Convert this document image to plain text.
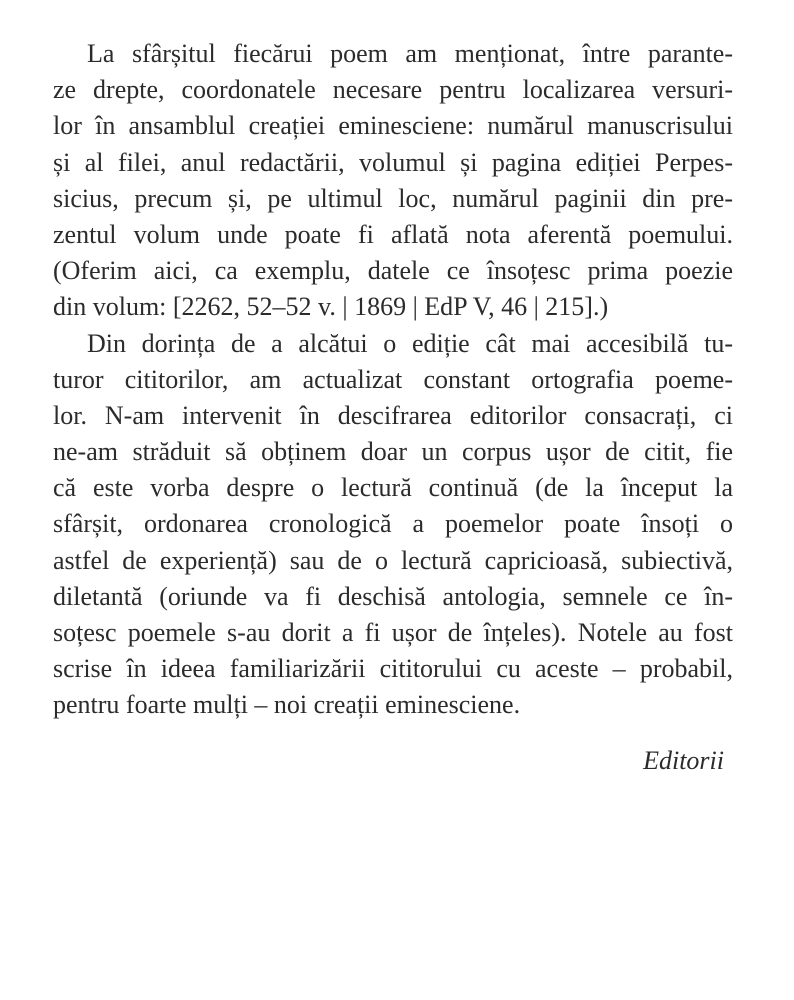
La sfârșitul fiecărui poem am menționat, între parante-
ze drepte, coordonatele necesare pentru localizarea versuri-
lor în ansamblul creației eminesciene: numărul manuscrisului
și al filei, anul redactării, volumul și pagina ediției Perpes-
sicius, precum și, pe ultimul loc, numărul paginii din pre-
zentul volum unde poate fi aflată nota aferentă poemului.
(Oferim aici, ca exemplu, datele ce însoțesc prima poezie
din volum: [2262, 52–52 v. | 1869 | EdP V, 46 | 215].)
Din dorința de a alcătui o ediție cât mai accesibilă tu-
turor cititorilor, am actualizat constant ortografia poeme-
lor. N-am intervenit în descifrarea editorilor consacrați, ci
ne-am străduit să obținem doar un corpus ușor de citit, fie
că este vorba despre o lectură continuă (de la început la
sfârșit, ordonarea cronologică a poemelor poate însoți o
astfel de experiență) sau de o lectură capricioasă, subiectivă,
diletantă (oriunde va fi deschisă antologia, semnele ce în-
soțesc poemele s-au dorit a fi ușor de înțeles). Notele au fost
scrise în ideea familiarizării cititorului cu aceste – probabil,
pentru foarte mulți – noi creații eminesciene.
Editorii
